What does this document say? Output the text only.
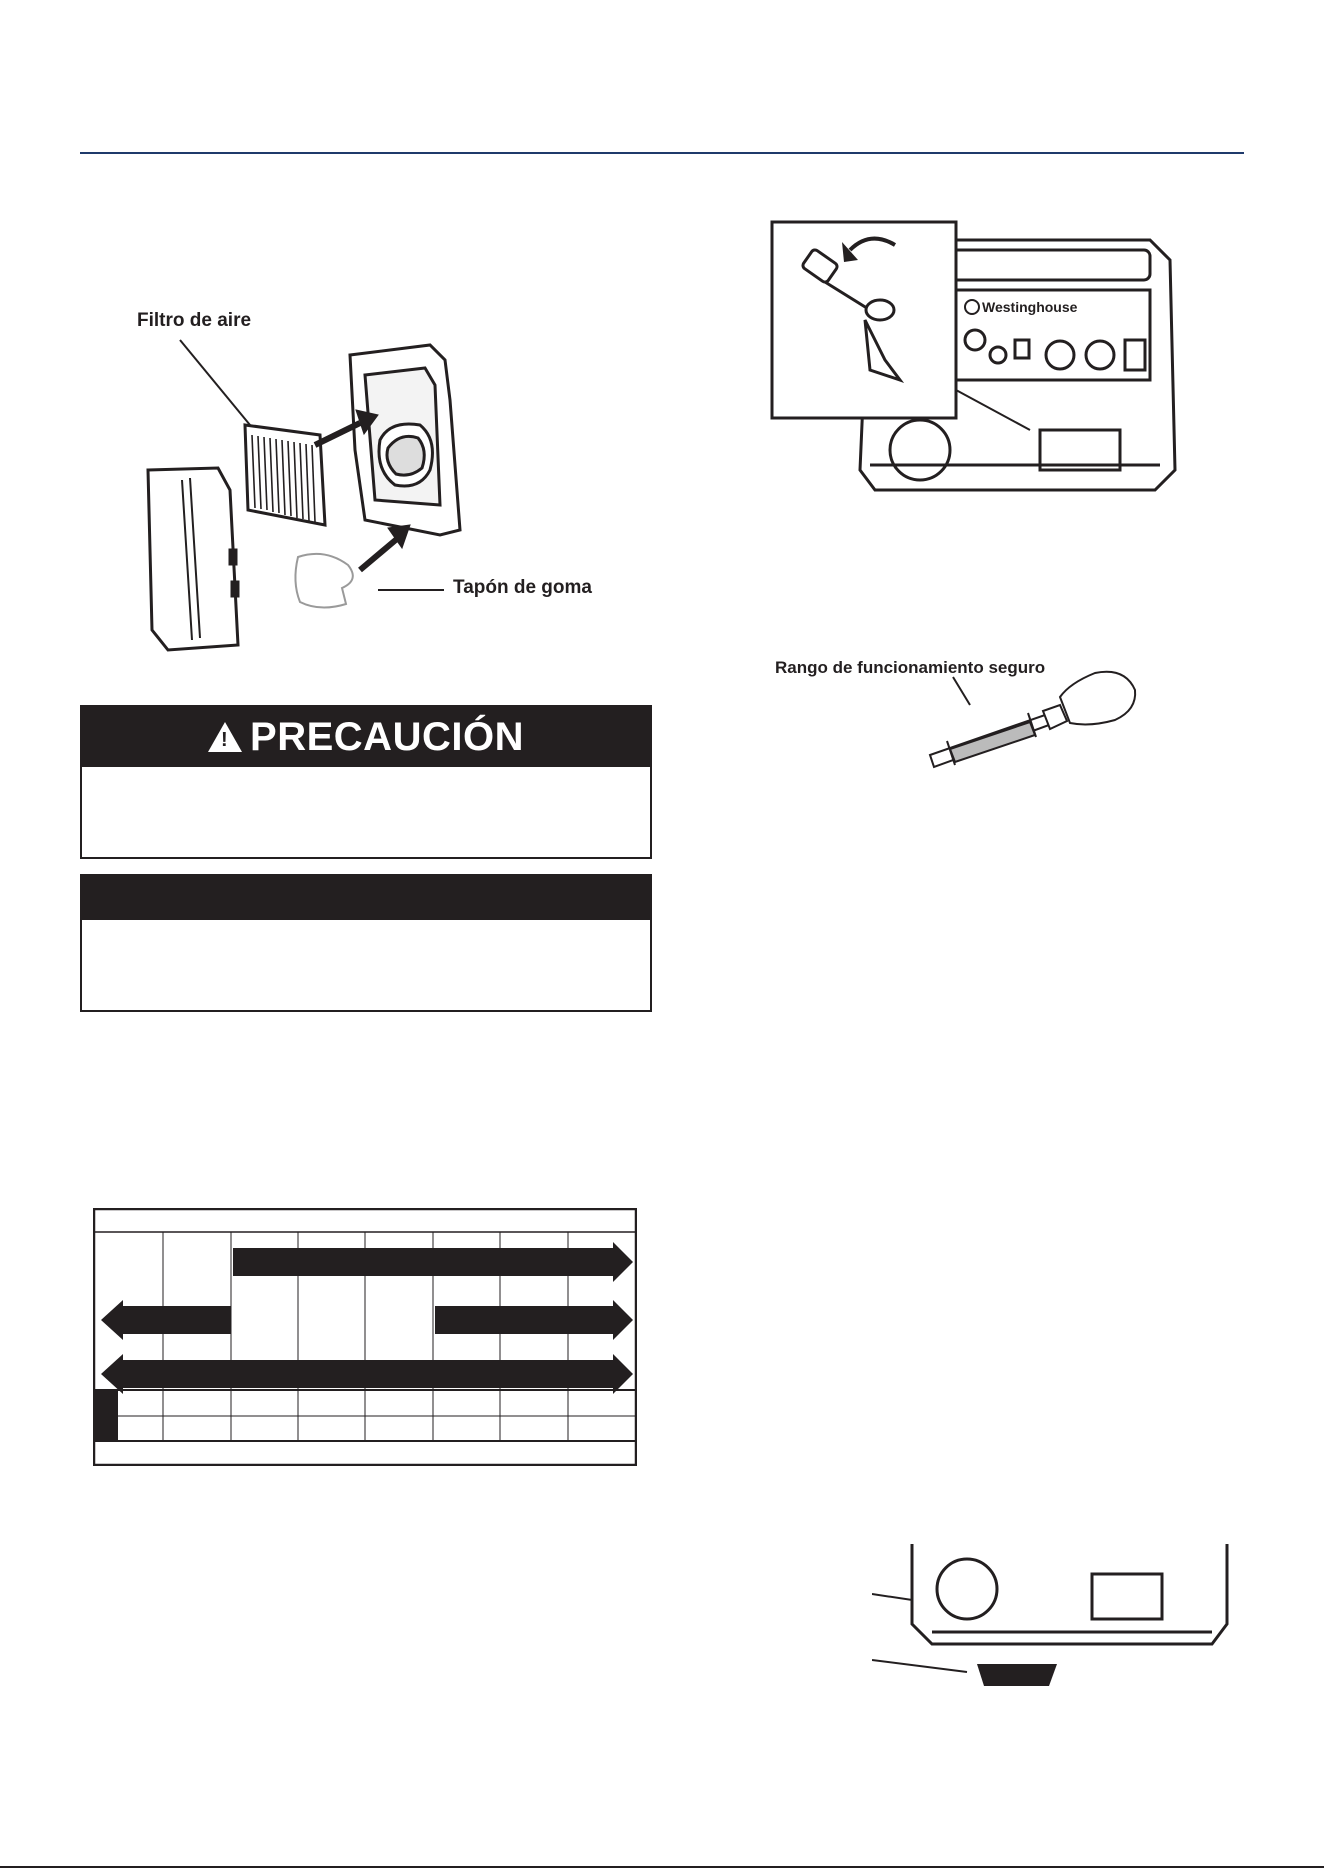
Filtro de aire
Tapón de goma
! PRECAUCIÓN
Westinghouse
Rango de funcionamiento seguro
